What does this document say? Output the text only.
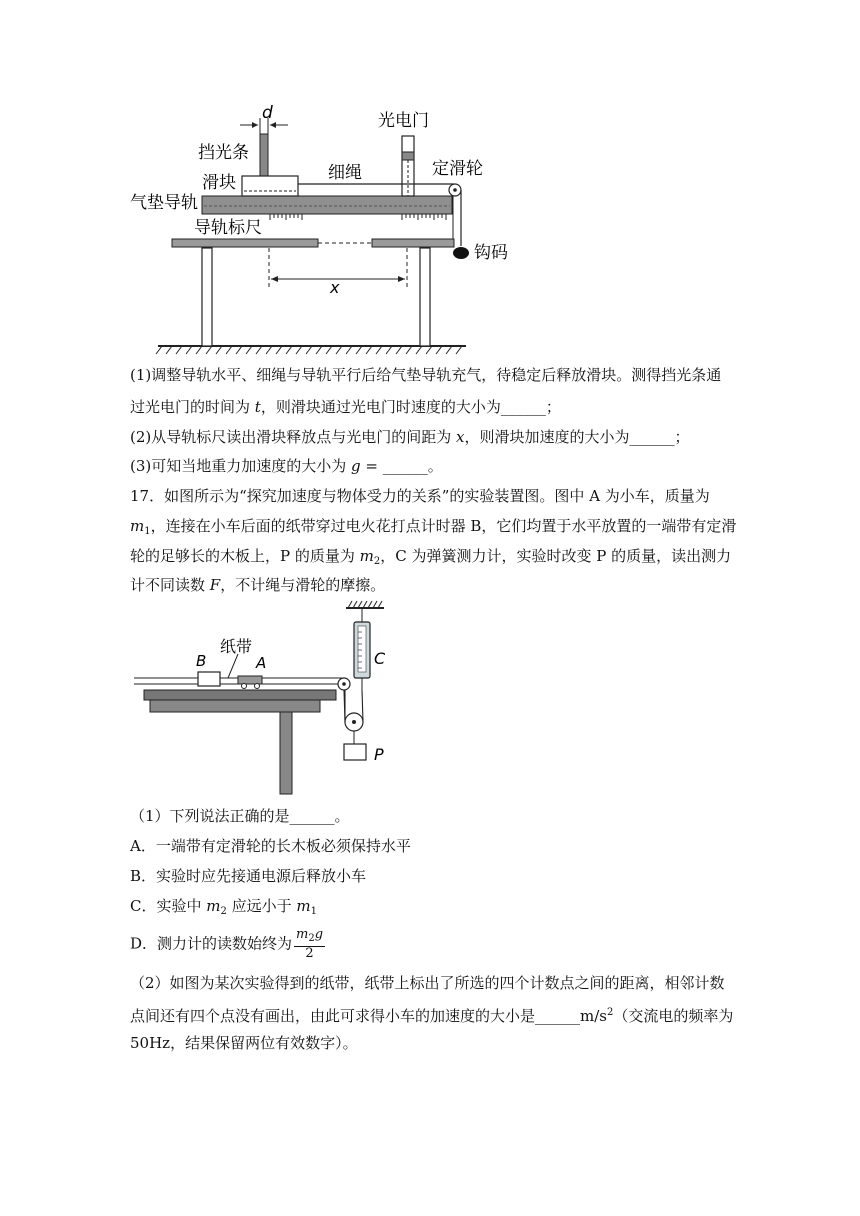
d	光电门
挡光条
滑块	细绳	定滑轮
气垫导轨
导轨标尺
钩码
x
(1)调整导轨水平、细绳与导轨平行后给气垫导轨充气，待稳定后释放滑块。测得挡光条通
过光电门的时间为 t，则滑块通过光电门时速度的大小为______；
(2)从导轨标尺读出滑块释放点与光电门的间距为 x，则滑块加速度的大小为______；
(3)可知当地重力加速度的大小为 g = ______。
17．如图所示为“探究加速度与物体受力的关系”的实验装置图。图中 A 为小车，质量为
$m_1$，连接在小车后面的纸带穿过电火花打点计时器 B，它们均置于水平放置的一端带有定滑
轮的足够长的木板上，P 的质量为 $m_2$，C 为弹簧测力计，实验时改变 P 的质量，读出测力
计不同读数 F，不计绳与滑轮的摩擦。
纸带
B	A	C
P
（1）下列说法正确的是______。
A．一端带有定滑轮的长木板必须保持水平
B．实验时应先接通电源后释放小车
C．实验中 $m_2$ 应远小于 $m_1$
D．测力计的读数始终为 $\frac{m_2g}{2}$
（2）如图为某次实验得到的纸带，纸带上标出了所选的四个计数点之间的距离，相邻计数
点间还有四个点没有画出，由此可求得小车的加速度的大小是$\_\_\_\_\_\_m/s^2$（交流电的频率为
50Hz，结果保留两位有效数字）。
